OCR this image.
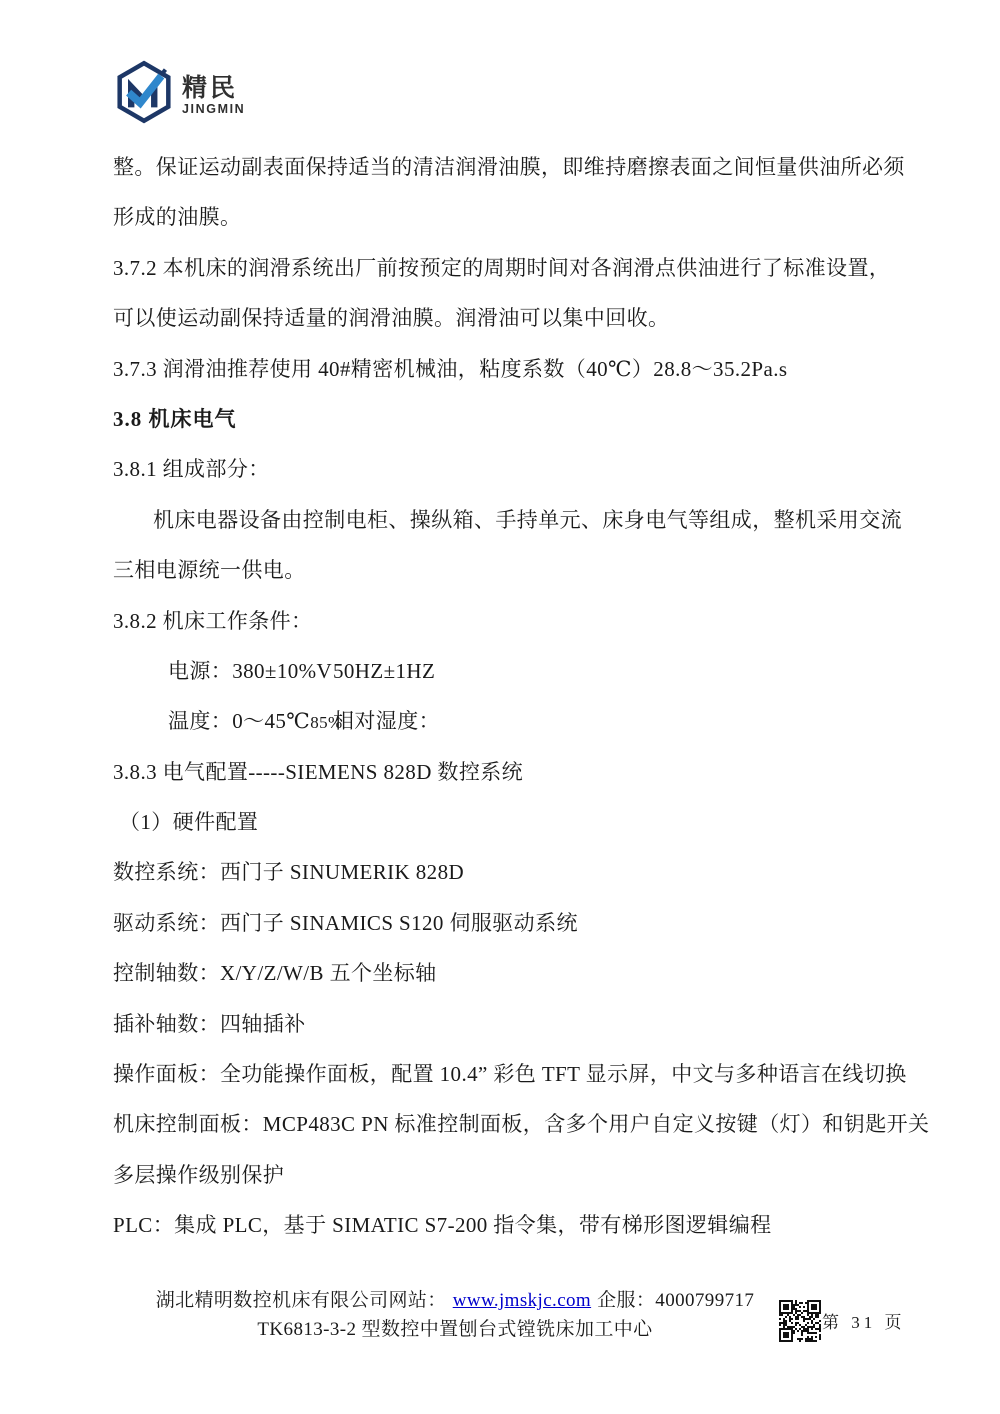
精民
JINGMIN
整。保证运动副表面保持适当的清洁润滑油膜，即维持磨擦表面之间恒量供油所必须
形成的油膜。
3.7.2 本机床的润滑系统出厂前按预定的周期时间对各润滑点供油进行了标准设置，
可以使运动副保持适量的润滑油膜。润滑油可以集中回收。
3.7.3 润滑油推荐使用 40#精密机械油，粘度系数（40℃）28.8～35.2Pa.s
3.8 机床电气
3.8.1 组成部分：
机床电器设备由控制电柜、操纵箱、手持单元、床身电气等组成，整机采用交流
三相电源统一供电。
3.8.2 机床工作条件：
电源：380±10%V 50HZ±1HZ
温度：0～45℃ 相对湿度：
85%
3.8.3 电气配置-----SIEMENS 828D 数控系统
（1）硬件配置
数控系统：西门子 SINUMERIK 828D
驱动系统：西门子 SINAMICS S120 伺服驱动系统
控制轴数：X/Y/Z/W/B 五个坐标轴
插补轴数：四轴插补
操作面板：全功能操作面板，配置 10.4” 彩色 TFT 显示屏，中文与多种语言在线切换
机床控制面板：MCP483C PN 标准控制面板，含多个用户自定义按键（灯）和钥匙开关
多层操作级别保护
PLC：集成 PLC，基于 SIMATIC S7-200 指令集，带有梯形图逻辑编程
湖北精明数控机床有限公司网站： www.jmskjc.com 企服：4000799717
TK6813-3-2 型数控中置刨台式镗铣床加工中心	第 31 页
